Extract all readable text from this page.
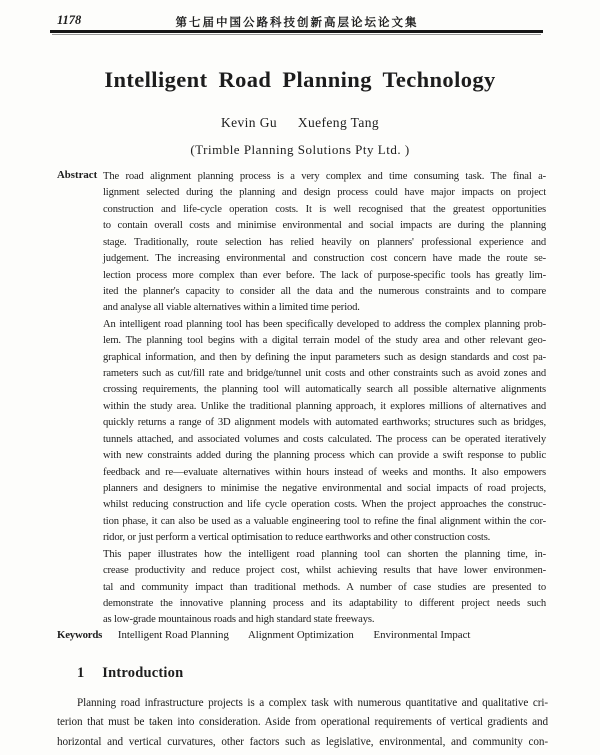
1178	第七届中国公路科技创新高层论坛论文集
Intelligent Road Planning Technology
Kevin Gu Xuefeng Tang
(Trimble Planning Solutions Pty Ltd. )
Abstract The road alignment planning process is a very complex and time consuming task. The final a-
lignment selected during the planning and design process could have major impacts on project
construction and life-cycle operation costs. It is well recognised that the greatest opportunities
to contain overall costs and minimise environmental and social impacts are during the planning
stage. Traditionally, route selection has relied heavily on planners' professional experience and
judgement. The increasing environmental and construction cost concern have made the route se-
lection process more complex than ever before. The lack of purpose-specific tools has greatly lim-
ited the planner's capacity to consider all the data and the numerous constraints and to compare
and analyse all viable alternatives within a limited time period.
An intelligent road planning tool has been specifically developed to address the complex planning prob-
lem. The planning tool begins with a digital terrain model of the study area and other relevant geo-
graphical information, and then by defining the input parameters such as design standards and cost pa-
rameters such as cut/fill rate and bridge/tunnel unit costs and other constraints such as avoid zones and
crossing requirements, the planning tool will automatically search all possible alternative alignments
within the study area. Unlike the traditional planning approach, it explores millions of alternatives and
quickly returns a range of 3D alignment models with automated earthworks; structures such as bridges,
tunnels attached, and associated volumes and costs calculated. The process can be operated iteratively
with new constraints added during the planning process which can provide a swift response to public
feedback and re—evaluate alternatives within hours instead of weeks and months. It also empowers
planners and designers to minimise the negative environmental and social impacts of road projects,
whilst reducing construction and life cycle operation costs. When the project approaches the construc-
tion phase, it can also be used as a valuable engineering tool to refine the final alignment within the cor-
ridor, or just perform a vertical optimisation to reduce earthworks and other construction costs.
This paper illustrates how the intelligent road planning tool can shorten the planning time, in-
crease productivity and reduce project cost, whilst achieving results that have lower environmen-
tal and community impact than traditional methods. A number of case studies are presented to
demonstrate the innovative planning process and its adaptability to different project needs such
as low-grade mountainous roads and high standard state freeways.
Keywords Intelligent Road Planning Alignment Optimization Environmental Impact
1 Introduction
Planning road infrastructure projects is a complex task with numerous quantitative and qualitative cri-
terion that must be taken into consideration. Aside from operational requirements of vertical gradients and
horizontal and vertical curvatures, other factors such as legislative, environmental, and community con-
